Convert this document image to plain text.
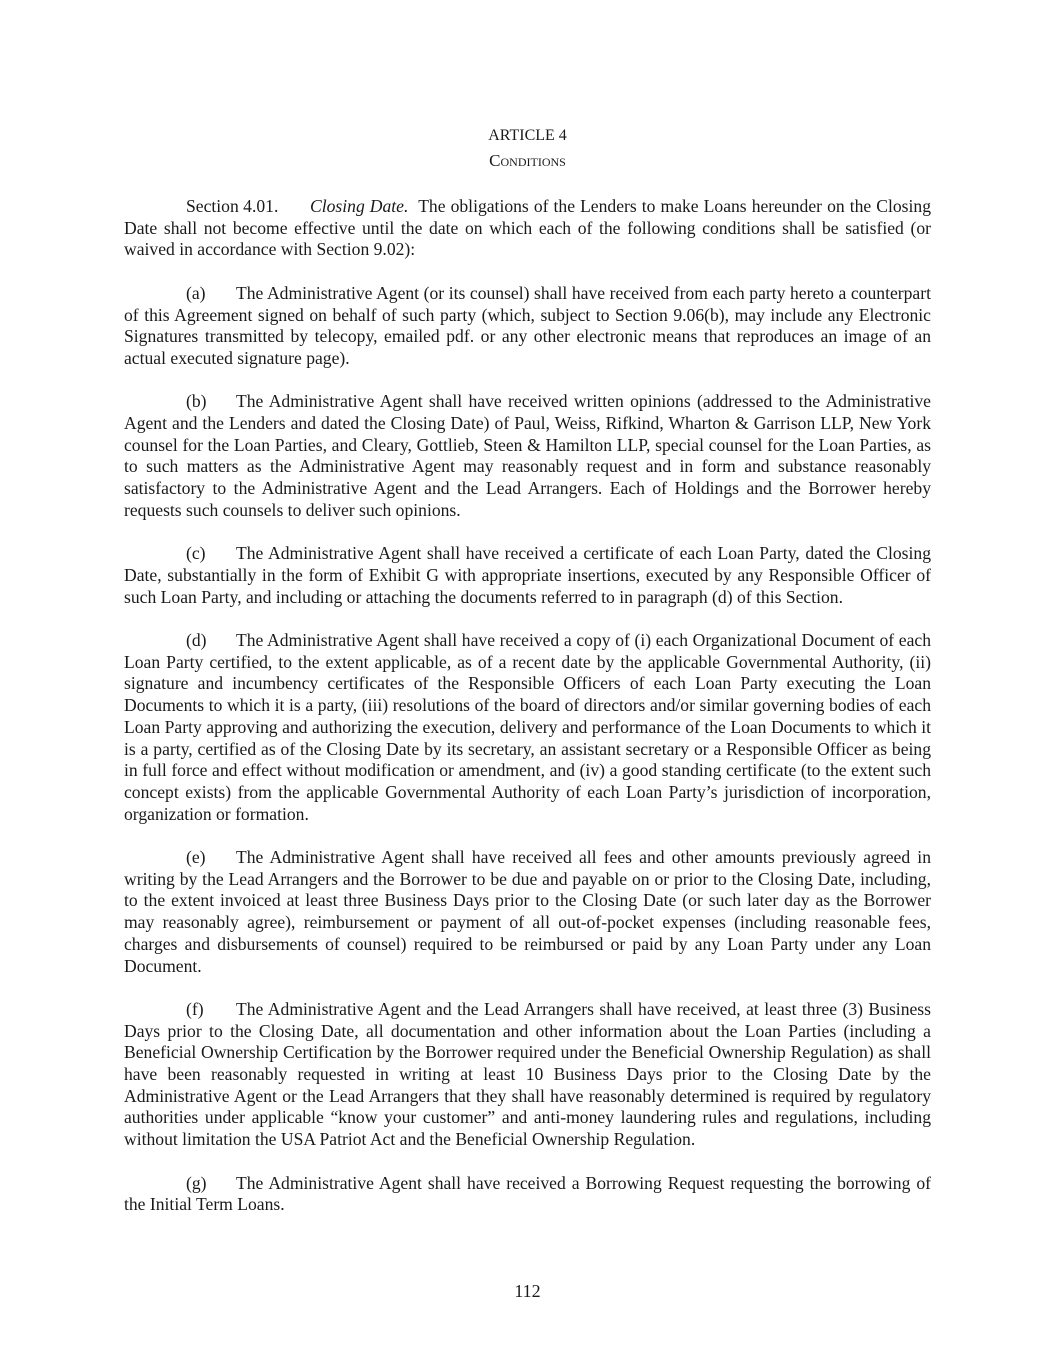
ARTICLE 4
Conditions

Section 4.01. Closing Date. The obligations of the Lenders to make Loans hereunder on the Closing Date shall not become effective until the date on which each of the following conditions shall be satisfied (or waived in accordance with Section 9.02):

(a) The Administrative Agent (or its counsel) shall have received from each party hereto a counterpart of this Agreement signed on behalf of such party (which, subject to Section 9.06(b), may include any Electronic Signatures transmitted by telecopy, emailed pdf. or any other electronic means that reproduces an image of an actual executed signature page).

(b) The Administrative Agent shall have received written opinions (addressed to the Administrative Agent and the Lenders and dated the Closing Date) of Paul, Weiss, Rifkind, Wharton & Garrison LLP, New York counsel for the Loan Parties, and Cleary, Gottlieb, Steen & Hamilton LLP, special counsel for the Loan Parties, as to such matters as the Administrative Agent may reasonably request and in form and substance reasonably satisfactory to the Administrative Agent and the Lead Arrangers. Each of Holdings and the Borrower hereby requests such counsels to deliver such opinions.

(c) The Administrative Agent shall have received a certificate of each Loan Party, dated the Closing Date, substantially in the form of Exhibit G with appropriate insertions, executed by any Responsible Officer of such Loan Party, and including or attaching the documents referred to in paragraph (d) of this Section.

(d) The Administrative Agent shall have received a copy of (i) each Organizational Document of each Loan Party certified, to the extent applicable, as of a recent date by the applicable Governmental Authority, (ii) signature and incumbency certificates of the Responsible Officers of each Loan Party executing the Loan Documents to which it is a party, (iii) resolutions of the board of directors and/or similar governing bodies of each Loan Party approving and authorizing the execution, delivery and performance of the Loan Documents to which it is a party, certified as of the Closing Date by its secretary, an assistant secretary or a Responsible Officer as being in full force and effect without modification or amendment, and (iv) a good standing certificate (to the extent such concept exists) from the applicable Governmental Authority of each Loan Party’s jurisdiction of incorporation, organization or formation.

(e) The Administrative Agent shall have received all fees and other amounts previously agreed in writing by the Lead Arrangers and the Borrower to be due and payable on or prior to the Closing Date, including, to the extent invoiced at least three Business Days prior to the Closing Date (or such later day as the Borrower may reasonably agree), reimbursement or payment of all out-of-pocket expenses (including reasonable fees, charges and disbursements of counsel) required to be reimbursed or paid by any Loan Party under any Loan Document.

(f) The Administrative Agent and the Lead Arrangers shall have received, at least three (3) Business Days prior to the Closing Date, all documentation and other information about the Loan Parties (including a Beneficial Ownership Certification by the Borrower required under the Beneficial Ownership Regulation) as shall have been reasonably requested in writing at least 10 Business Days prior to the Closing Date by the Administrative Agent or the Lead Arrangers that they shall have reasonably determined is required by regulatory authorities under applicable “know your customer” and anti-money laundering rules and regulations, including without limitation the USA Patriot Act and the Beneficial Ownership Regulation.

(g) The Administrative Agent shall have received a Borrowing Request requesting the borrowing of the Initial Term Loans.

112
